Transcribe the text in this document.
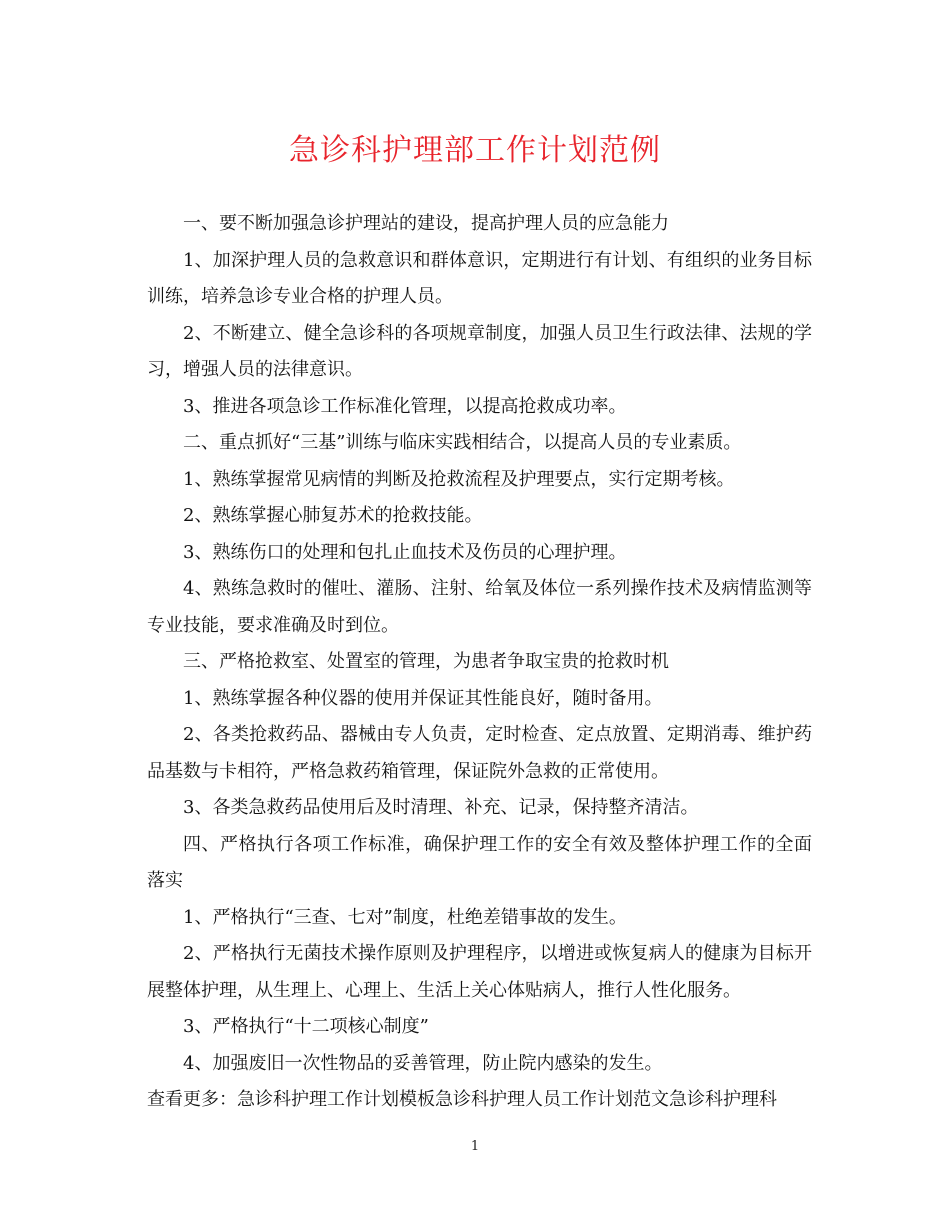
急诊科护理部工作计划范例

一、要不断加强急诊护理站的建设，提高护理人员的应急能力

1、加深护理人员的急救意识和群体意识，定期进行有计划、有组织的业务目标训练，培养急诊专业合格的护理人员。

2、不断建立、健全急诊科的各项规章制度，加强人员卫生行政法律、法规的学习，增强人员的法律意识。

3、推进各项急诊工作标准化管理，以提高抢救成功率。

二、重点抓好“三基”训练与临床实践相结合，以提高人员的专业素质。

1、熟练掌握常见病情的判断及抢救流程及护理要点，实行定期考核。

2、熟练掌握心肺复苏术的抢救技能。

3、熟练伤口的处理和包扎止血技术及伤员的心理护理。

4、熟练急救时的催吐、灌肠、注射、给氧及体位一系列操作技术及病情监测等专业技能，要求准确及时到位。

三、严格抢救室、处置室的管理，为患者争取宝贵的抢救时机

1、熟练掌握各种仪器的使用并保证其性能良好，随时备用。

2、各类抢救药品、器械由专人负责，定时检查、定点放置、定期消毒、维护药品基数与卡相符，严格急救药箱管理，保证院外急救的正常使用。

3、各类急救药品使用后及时清理、补充、记录，保持整齐清洁。

四、严格执行各项工作标准，确保护理工作的安全有效及整体护理工作的全面落实

1、严格执行“三查、七对”制度，杜绝差错事故的发生。

2、严格执行无菌技术操作原则及护理程序，以增进或恢复病人的健康为目标开展整体护理，从生理上、心理上、生活上关心体贴病人，推行人性化服务。

3、严格执行“十二项核心制度”

4、加强废旧一次性物品的妥善管理，防止院内感染的发生。

查看更多：急诊科护理工作计划模板急诊科护理人员工作计划范文急诊科护理科

1
